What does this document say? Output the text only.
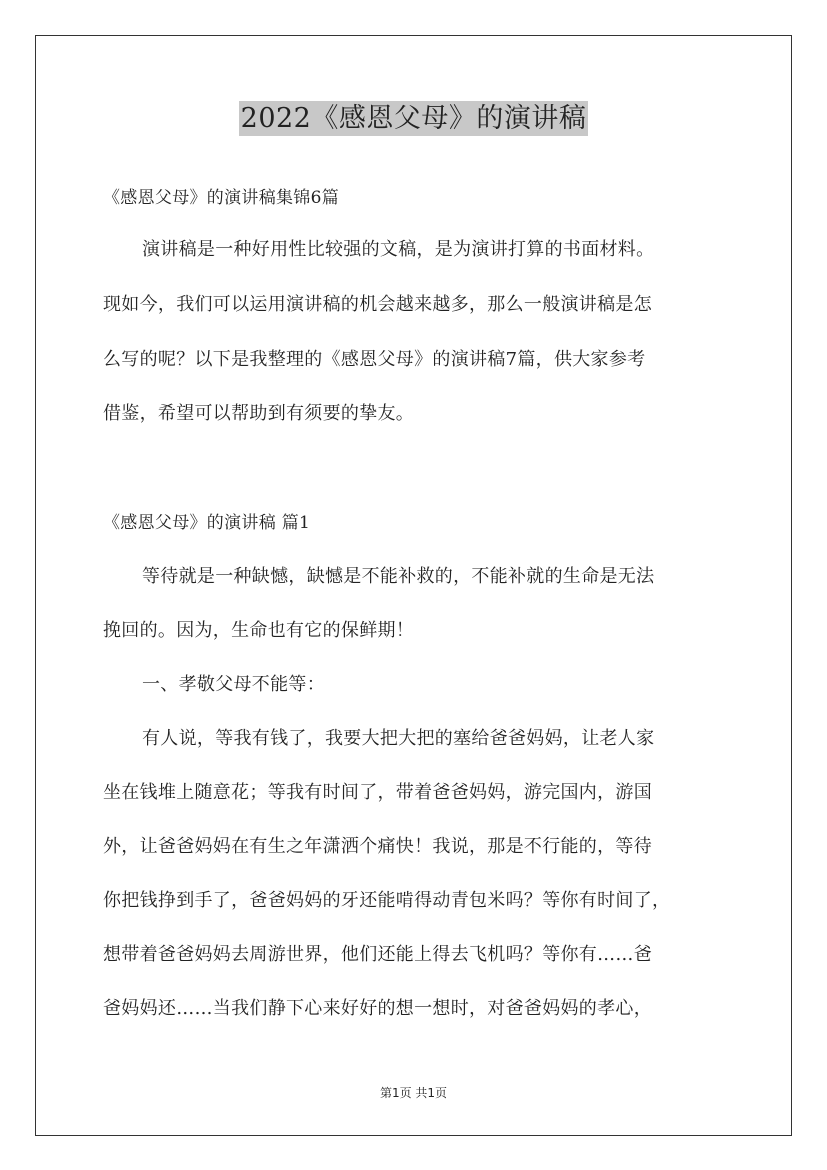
2022《感恩父母》的演讲稿
《感恩父母》的演讲稿集锦6篇
演讲稿是一种好用性比较强的文稿，是为演讲打算的书面材料。
现如今，我们可以运用演讲稿的机会越来越多，那么一般演讲稿是怎
么写的呢？以下是我整理的《感恩父母》的演讲稿7篇，供大家参考
借鉴，希望可以帮助到有须要的挚友。
《感恩父母》的演讲稿 篇1
等待就是一种缺憾，缺憾是不能补救的，不能补就的生命是无法
挽回的。因为，生命也有它的保鲜期！
一、孝敬父母不能等：
有人说，等我有钱了，我要大把大把的塞给爸爸妈妈，让老人家
坐在钱堆上随意花；等我有时间了，带着爸爸妈妈，游完国内，游国
外，让爸爸妈妈在有生之年潇洒个痛快！我说，那是不行能的，等待
你把钱挣到手了，爸爸妈妈的牙还能啃得动青包米吗？等你有时间了，
想带着爸爸妈妈去周游世界，他们还能上得去飞机吗？等你有……爸
爸妈妈还……当我们静下心来好好的想一想时，对爸爸妈妈的孝心，
第1页 共1页
